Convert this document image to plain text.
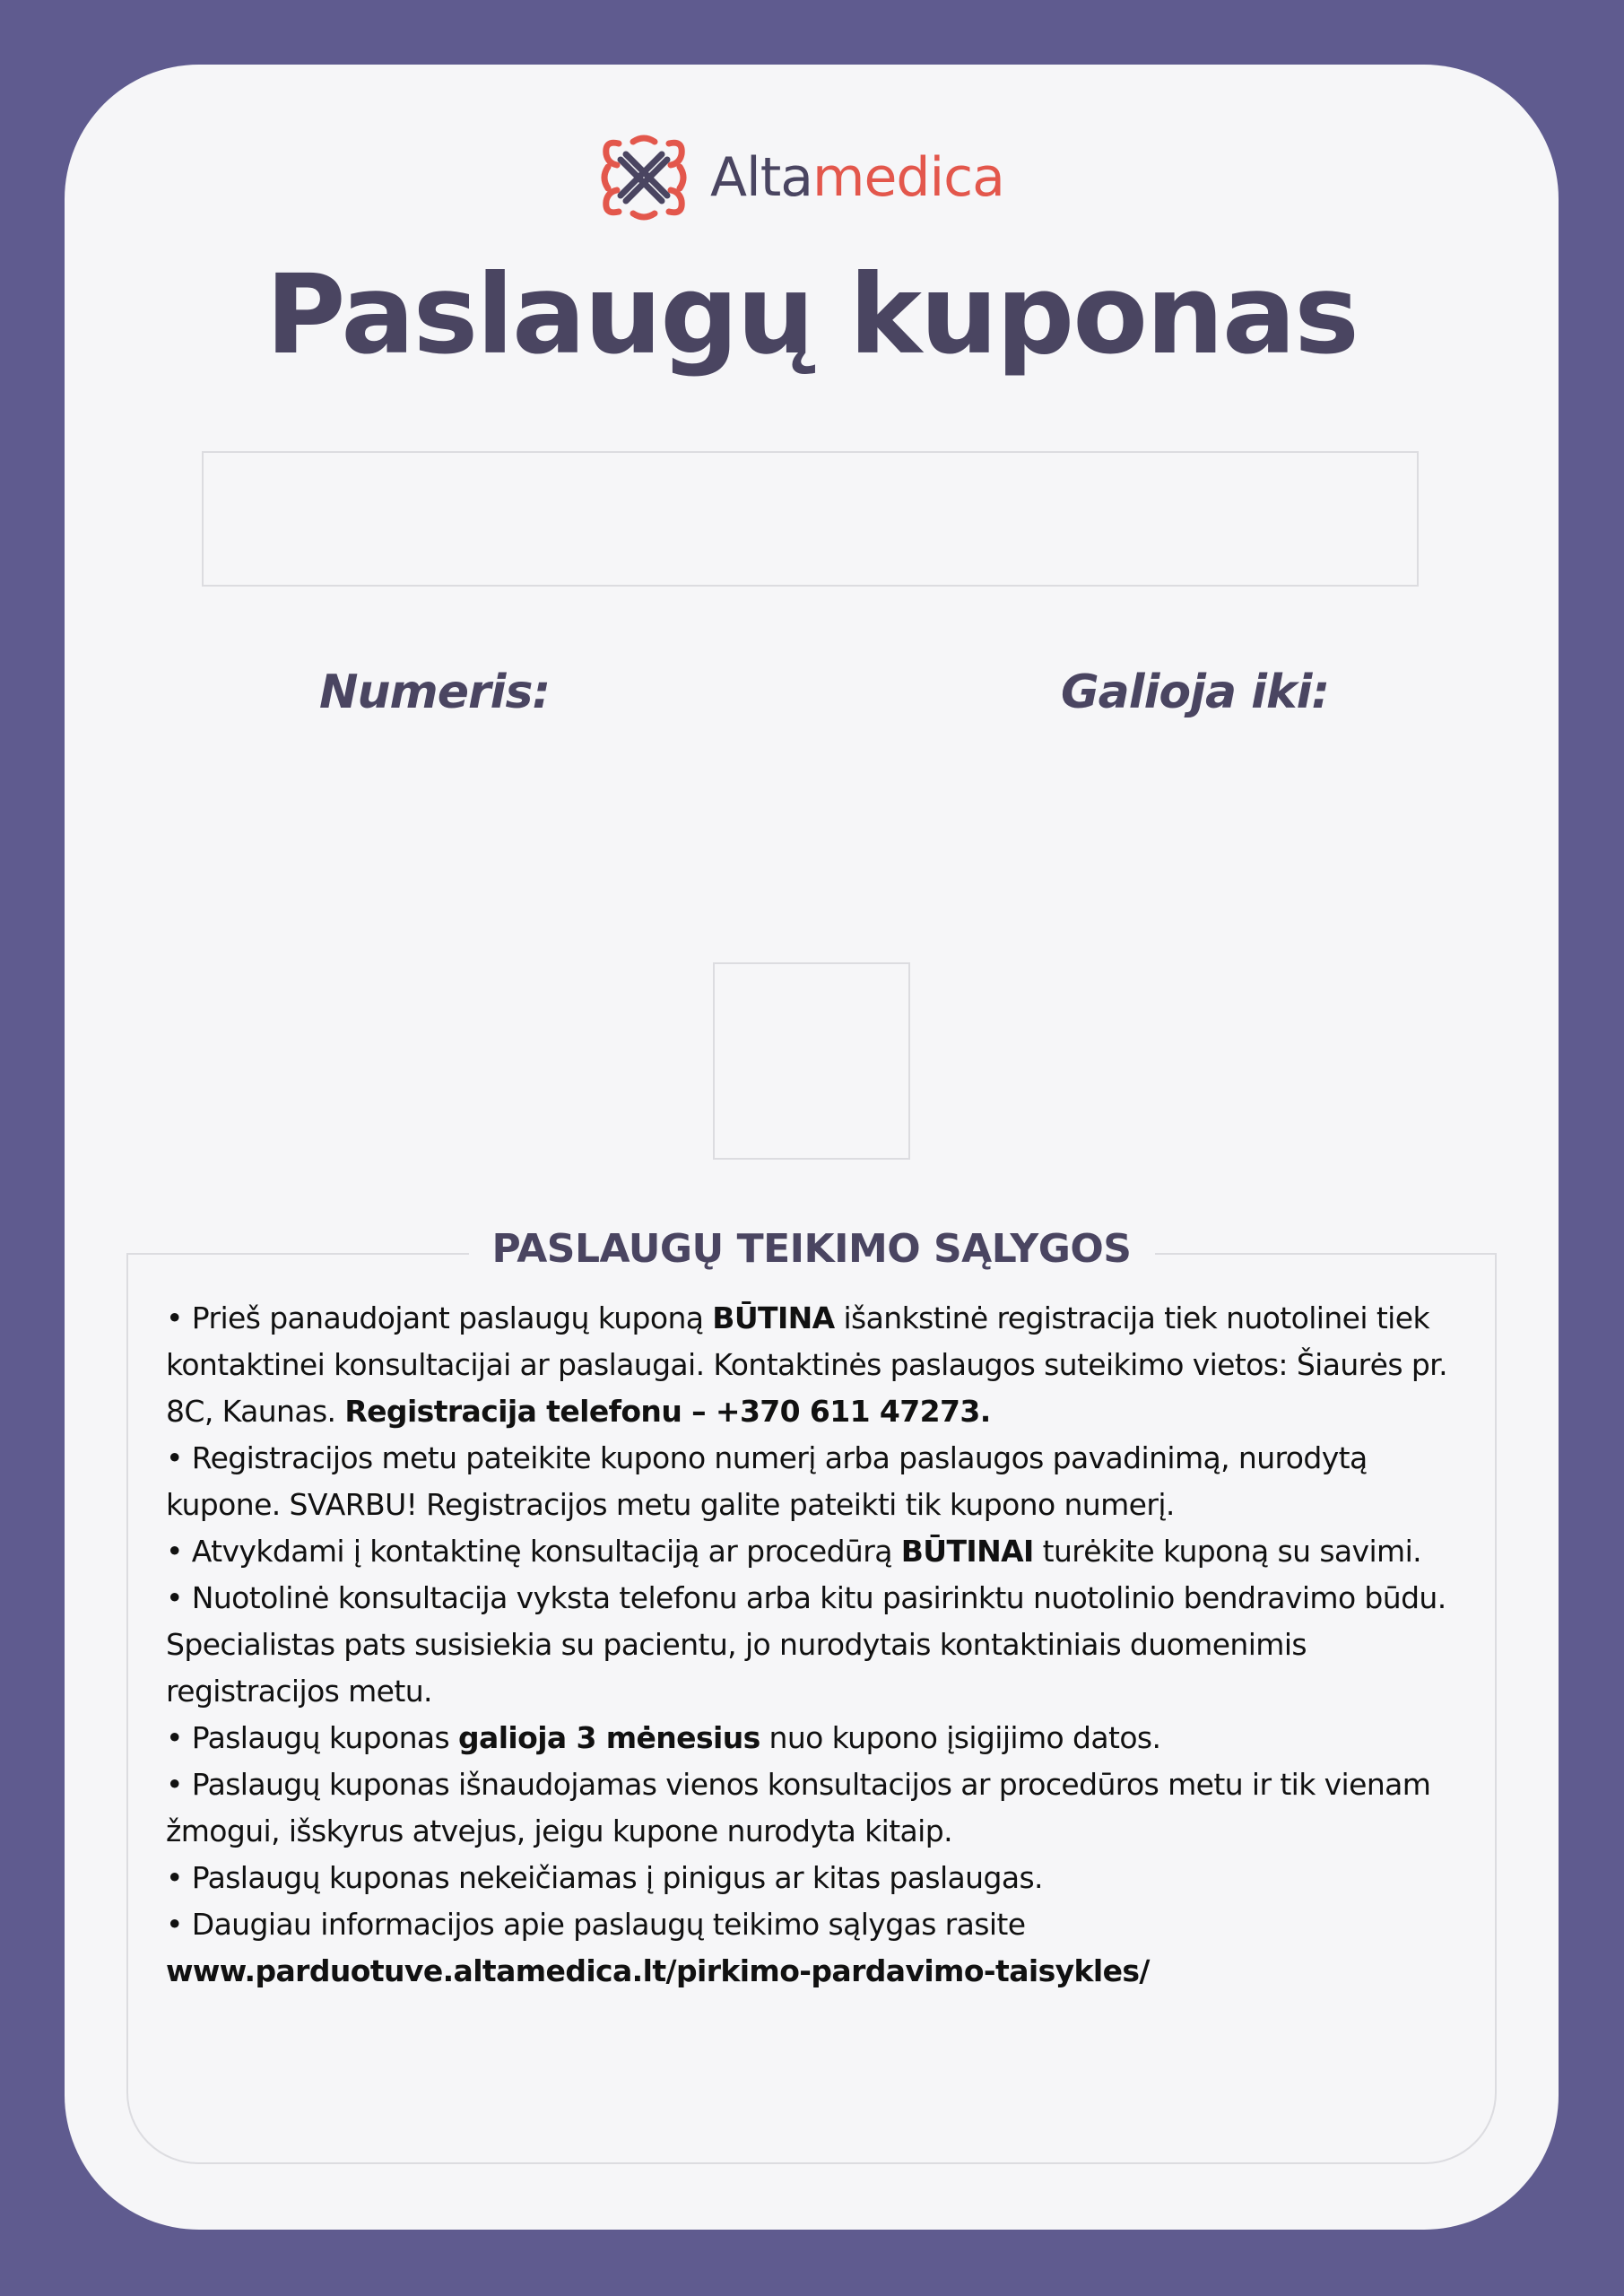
Altamedica
Paslaugų kuponas
Numeris:	Galioja iki:
PASLAUGŲ TEIKIMO SĄLYGOS

• Prieš panaudojant paslaugų kuponą BŪTINA išankstinė registracija tiek nuotolinei tiek kontaktinei konsultacijai ar paslaugai. Kontaktinės paslaugos suteikimo vietos: Šiaurės pr. 8C, Kaunas. Registracija telefonu – +370 611 47273.

• Registracijos metu pateikite kupono numerį arba paslaugos pavadinimą, nurodytą kupone. SVARBU! Registracijos metu galite pateikti tik kupono numerį.

• Atvykdami į kontaktinę konsultaciją ar procedūrą BŪTINAI turėkite kuponą su savimi.

• Nuotolinė konsultacija vyksta telefonu arba kitu pasirinktu nuotolinio bendravimo būdu. Specialistas pats susisiekia su pacientu, jo nurodytais kontaktiniais duomenimis registracijos metu.

• Paslaugų kuponas galioja 3 mėnesius nuo kupono įsigijimo datos.

• Paslaugų kuponas išnaudojamas vienos konsultacijos ar procedūros metu ir tik vienam žmogui, išskyrus atvejus, jeigu kupone nurodyta kitaip.

• Paslaugų kuponas nekeičiamas į pinigus ar kitas paslaugas.

• Daugiau informacijos apie paslaugų teikimo sąlygas rasite

www.parduotuve.altamedica.lt/pirkimo-pardavimo-taisykles/
